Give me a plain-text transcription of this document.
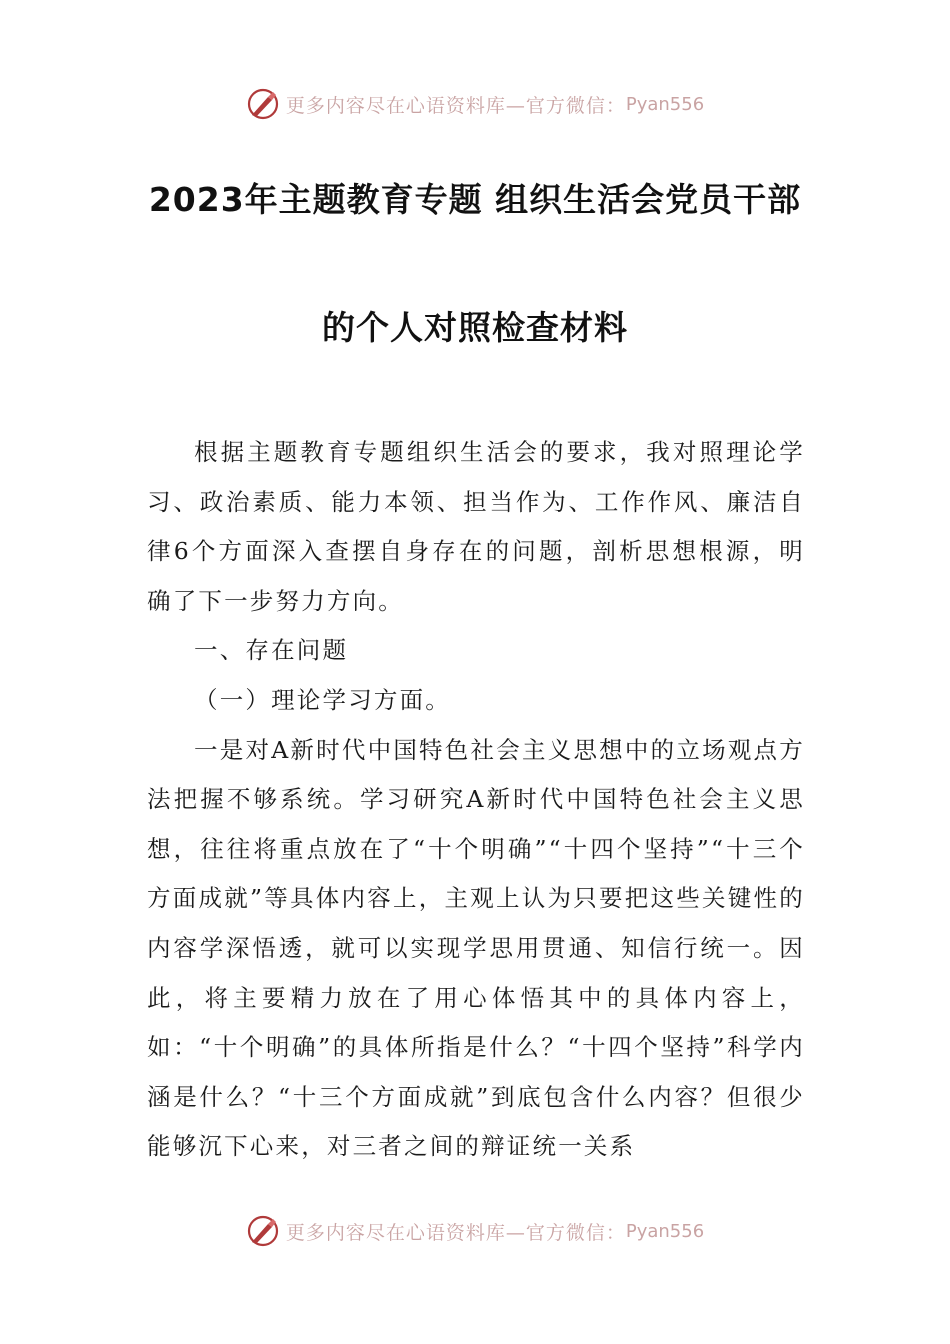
更多内容尽在心语资料库—官方微信： Pyan556
2023年主题教育专题 组织生活会党员干部
的个人对照检查材料

根据主题教育专题组织生活会的要求，我对照理论学习、政治素质、能力本领、担当作为、工作作风、廉洁自律6个方面深入查摆自身存在的问题，剖析思想根源，明确了下一步努力方向。

一、存在问题

（一）理论学习方面。

一是对A新时代中国特色社会主义思想中的立场观点方法把握不够系统。学习研究A新时代中国特色社会主义思想，往往将重点放在了“十个明确”“十四个坚持”“十三个方面成就”等具体内容上，主观上认为只要把这些关键性的内容学深悟透，就可以实现学思用贯通、知信行统一。因此，将主要精力放在了用心体悟其中的具体内容上，如：“十个明确”的具体所指是什么？“十四个坚持”科学内涵是什么？“十三个方面成就”到底包含什么内容？但很少能够沉下心来，对三者之间的辩证统一关系

更多内容尽在心语资料库—官方微信： Pyan556
